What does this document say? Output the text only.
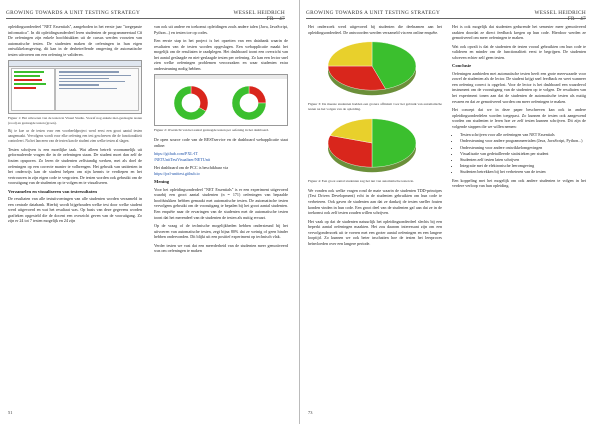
GROWING TOWARDS A UNIT TESTING STRATEGY	WESSEL HEIDRICH
FR · 47

opleidingsonderdeel "NET Essentials", aangeboden in het eerste jaar "toegepaste informatica". In dit opleidingsonderdeel leren studenten de programmeertaal C# De oefeningen zijn enkele hoofdstukken uit de cursus werden voorzien van automatische testen. De studenten maken de oefeningen in hun eigen ontwikkelomgeving, dit kan in de desbetreffende omgeving de automatische testen uitvoeren om een oefening te valideren.

Figuur 1: Het uitvoeren van de testen in Visual Studio. Vooraf nog enkele niet-geslaagde testen (rood) en geslaagde testen (groen).

Bij te koe ur de testen voor een voorbeeldproject werd eerst een groot aantal testen aangemaakt. Vervolgens wordt voor elke oefening een test geschreven die de functionaliteit controleert. Na het lanceren van de testen kan de student zien welke testen al slagen.

Testen schrijven is een moeilijke taak. Wat alleen betreft voornamelijk uit geformuleerde vragen die in de oefeningen staan. De student moet dan zelf de fouten opsporen. Zo leren de studenten zelfstandig werken, met als doel de oefeningen op een correcte manier te volbrengen. Het gebruik van unittesten in het onderwijs kan de student helpen om zijn kennis te verdiepen en het vertrouwen in zijn eigen code te vergroten. De testen worden ook gebruikt om de vooruitgang van de studenten op te volgen en te visualiseren.

Verzamelen en visualiseren van testresultaten

De resultaten van alle testuitvoeringen van alle studenten worden verzameld in een centrale databank. Hierbij wordt bijgehouden welke test door welke student werd uitgevoerd en wat het resultaat was. Op basis van deze gegevens worden grafieken opgesteld die de docent een overzicht geven van de vooruitgang. Zo zijn er 24 tot 7 testen mogelijk en 24 zijn

van ook uit andere en toekomst opleidingen zoals andere talen (Java, JavaScript, Python...) en testen toe op codes.

Een eerste stap in het project is het opzetten van een databank waarin de resultaten van de testen worden opgeslagen. Een webapplicatie maakt het mogelijk om de resultaten te raadplegen. Het dashboard toont een overzicht van het aantal geslaagde en niet-geslaagde testen per oefening. Zo kan een lector snel zien welke oefeningen problemen veroorzaken en waar studenten extra ondersteuning nodig hebben.

Figuur 2: Overzicht van het aantal geslaagde testen per oefening in het dashboard.

De open source code van de RESTservice en de dashboard webapplicatie staat online:

https://github.com/PXL-IT

/NETUnitTestVisualizer/NETUnit

Het dashboard om de PCC is beschikbaar via

https://pxl-unittest.github.io

Mening

Voor het opleidingsonderdeel "NET Essentials" is er een experiment uitgevoerd waarbij een groot aantal studenten (n = 171) oefeningen van bepaalde hoofdstukken hebben gemaakt met automatische testen. De automatische testen vervolgens gebruikt om de vooruitgang te bepalen bij het groot aantal studenten. Een enquête naar de ervaringen van de studenten met de automatische testen toont dat het merendeel van de studenten de testen als nuttig ervaart.

Op de vraag of de technische mogelijkheden hebben ondersteund bij het uitvoeren van automatische testen, zegt bijna 80% dat ze weinig of geen hinder hebben ondervonden. Dit blijkt uit een positief experiment op technisch vlak.

Verder testen we vast dat een meerderheid van de studenten meer gemotiveerd was om oefeningen te maken

51
GROWING TOWARDS A UNIT TESTING STRATEGY	WESSEL HEIDRICH
FR · 47

Het onderzoek werd uitgevoerd bij studenten die deelnamen aan het opleidingsonderdeel. De antwoorden werden verzameld via een online enquête.

Figuur 3: De meeste studenten hadden een grotere affiniteit voor het gebruik van automatische testen na het volgen van de opleiding.
Figuur 4: Een groot aantal studenten zag het nut van automatische testen in.

We vonden ook welke vragen rond de mate waarin de studenten TDD-principes (Test Driven Development) echt in de studenten gebruikten om hun code te verbeteren. Ook gaven de studenten aan dat ze dankzij de testen sneller fouten konden vinden in hun code. Een groot deel van de studenten gaf aan dat ze in de toekomst ook zelf testen zouden willen schrijven.

Het vaak op dat de studenten natuurlijk het opleidingsonderdeel slechts bij een beperkt aantal oefeningen maakten. Het zou daarom interessant zijn om een vervolgonderzoek uit te voeren met een groter aantal oefeningen en een langere looptijd. Zo kunnen we ook beter inschatten hoe de testen het leerproces beïnvloeden over een langere periode.

Het is ook mogelijk dat studenten gedurende het semester meer gemotiveerd raakten doordat ze direct feedback kregen op hun code. Hierdoor werden ze gemotiveerd om meer oefeningen te maken.

Wat ook opvalt is dat de studenten de testen vooral gebruikten om hun code te valideren en minder om de functionaliteit eerst te begrijpen. De studenten schreven echter zelf geen testen.

Conclusie

Oefeningen aanbieden met automatische testen heeft een grote meerwaarde voor zowel de studenten als de lector. De student krijgt snel feedback en weet wanneer een oefening correct is opgelost. Voor de lector is het dashboard een waardevol instrument om de vooruitgang van de studenten op te volgen. De resultaten van het experiment tonen aan dat de studenten de automatische testen als nuttig ervaren en dat ze gemotiveerd worden om meer oefeningen te maken.

Het concept dat we in deze paper beschreven kan ook in andere opleidingsonderdelen worden toegepast. Zo kunnen de testen ook aangewend worden om studenten te leren hoe ze zelf testen kunnen schrijven. Dit zijn de volgende stappen die we willen nemen:

• Testen schrijven voor alle oefeningen van NET Essentials
• Ondersteuning voor andere programmeertalen (Java, JavaScript, Python...)
• Ondersteuning voor andere ontwikkelomgevingen
• Visualisatie van gedetailleerde statistieken per student
• Studenten zelf testen laten schrijven
• Integratie met de elektronische leeromgeving
• Studenten betrekken bij het verbeteren van de testen

Een koppeling met het mogelijk om ook andere studenten te volgen in het verdere verloop van hun opleiding.

73
